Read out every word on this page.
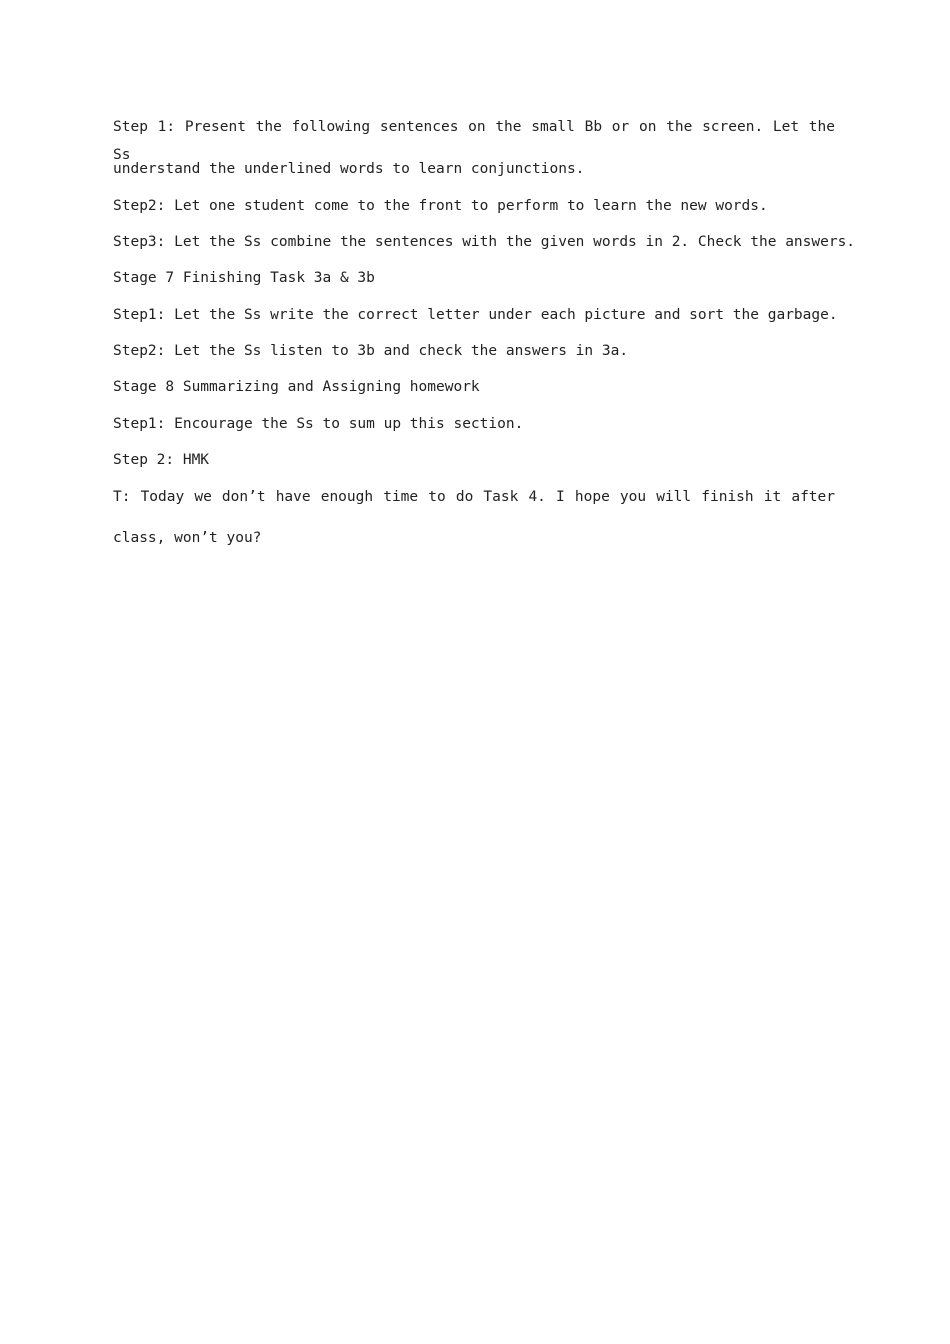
Step 1: Present the following sentences on the small Bb or on the screen. Let the Ss
understand the underlined words to learn conjunctions.
Step2: Let one student come to the front to perform to learn the new words.
Step3: Let the Ss combine the sentences with the given words in 2. Check the answers.
Stage 7 Finishing Task 3a & 3b
Step1: Let the Ss write the correct letter under each picture and sort the garbage.
Step2: Let the Ss listen to 3b and check the answers in 3a.
Stage 8 Summarizing and Assigning homework
Step1: Encourage the Ss to sum up this section.
Step 2: HMK
T: Today we don’t have enough time to do Task 4. I hope you will finish it after
class, won’t you?
